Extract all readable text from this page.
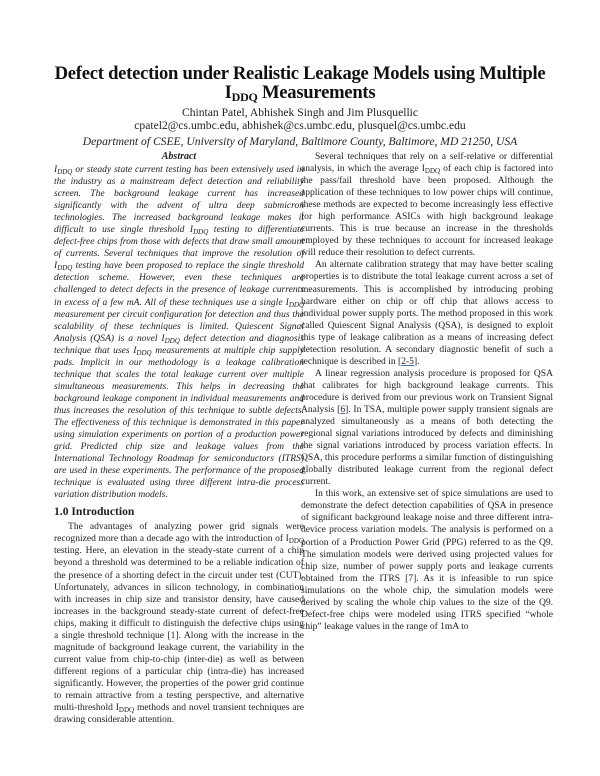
Defect detection under Realistic Leakage Models using Multiple
$I_{DDQ}$ Measurements
Chintan Patel, Abhishek Singh and Jim Plusquellic
cpatel2@cs.umbc.edu, abhishek@cs.umbc.edu, plusquel@cs.umbc.edu
Department of CSEE, University of Maryland, Baltimore County, Baltimore, MD 21250, USA
Abstract

$I_{DDQ}$ or steady state current testing has been extensively used in the industry as a mainstream defect detection and reliability screen. The background leakage current has increased significantly with the advent of ultra deep submicron technologies. The increased background leakage makes it difficult to use single threshold $I_{DDQ}$ testing to differentiate defect-free chips from those with defects that draw small amount of currents. Several techniques that improve the resolution of $I_{DDQ}$ testing have been proposed to replace the single threshold detection scheme. However, even these techniques are challenged to detect defects in the presence of leakage currents in excess of a few mA. All of these techniques use a single $I_{DDQ}$ measurement per circuit configuration for detection and thus the scalability of these techniques is limited. Quiescent Signal Analysis (QSA) is a novel $I_{DDQ}$ defect detection and diagnosis technique that uses $I_{DDQ}$ measurements at multiple chip supply pads. Implicit in our methodology is a leakage calibration technique that scales the total leakage current over multiple simultaneous measurements. This helps in decreasing the background leakage component in individual measurements and thus increases the resolution of this technique to subtle defects. The effectiveness of this technique is demonstrated in this paper using simulation experiments on portion of a production power grid. Predicted chip size and leakage values from the International Technology Roadmap for semiconductors (ITRS) are used in these experiments. The performance of the proposed technique is evaluated using three different intra-die process variation distribution models.

1.0 Introduction

The advantages of analyzing power grid signals were recognized more than a decade ago with the introduction of $I_{DDQ}$ testing. Here, an elevation in the steady-state current of a chip beyond a threshold was determined to be a reliable indication of the presence of a shorting defect in the circuit under test (CUT). Unfortunately, advances in silicon technology, in combination with increases in chip size and transistor density, have caused increases in the background steady-state current of defect-free chips, making it difficult to distinguish the defective chips using a single threshold technique [1]. Along with the increase in the magnitude of background leakage current, the variability in the current value from chip-to-chip (inter-die) as well as between different regions of a particular chip (intra-die) has increased significantly. However, the properties of the power grid continue to remain attractive from a testing perspective, and alternative multi-threshold $I_{DDQ}$ methods and novel transient techniques are drawing considerable attention.

Several techniques that rely on a self-relative or differential analysis, in which the average $I_{DDQ}$ of each chip is factored into the pass/fail threshold have been proposed. Although the application of these techniques to low power chips will continue, these methods are expected to become increasingly less effective for high performance ASICs with high background leakage currents. This is true because an increase in the thresholds employed by these techniques to account for increased leakage will reduce their resolution to defect currents.

An alternate calibration strategy that may have better scaling properties is to distribute the total leakage current across a set of measurements. This is accomplished by introducing probing hardware either on chip or off chip that allows access to individual power supply ports. The method proposed in this work called Quiescent Signal Analysis (QSA), is designed to exploit this type of leakage calibration as a means of increasing defect detection resolution. A secondary diagnostic benefit of such a technique is described in [2-5].

A linear regression analysis procedure is proposed for QSA that calibrates for high background leakage currents. This procedure is derived from our previous work on Transient Signal Analysis [6]. In TSA, multiple power supply transient signals are analyzed simultaneously as a means of both detecting the regional signal variations introduced by defects and diminishing the signal variations introduced by process variation effects. In QSA, this procedure performs a similar function of distinguishing globally distributed leakage current from the regional defect current.

In this work, an extensive set of spice simulations are used to demonstrate the defect detection capabilities of QSA in presence of significant background leakage noise and three different intra-device process variation models. The analysis is performed on a portion of a Production Power Grid (PPG) referred to as the Q9. The simulation models were derived using projected values for chip size, number of power supply ports and leakage currents obtained from the ITRS [7]. As it is infeasible to run spice simulations on the whole chip, the simulation models were derived by scaling the whole chip values to the size of the Q9. Defect-free chips were modeled using ITRS specified “whole chip” leakage values in the range of 1mA to
